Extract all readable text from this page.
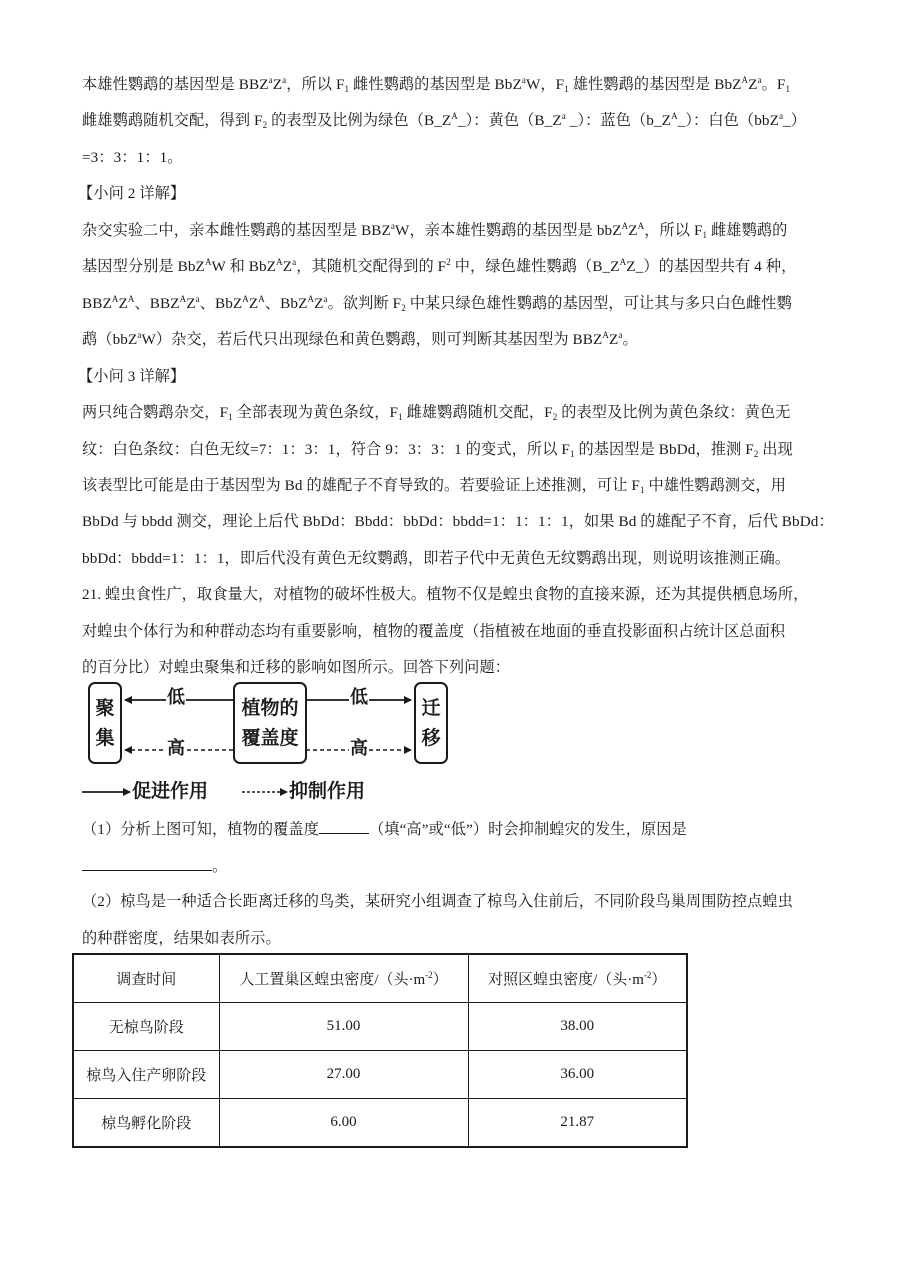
本雄性鹦鹉的基因型是 $BBZ^aZ^a$，所以 $F_1$ 雌性鹦鹉的基因型是 BbZ$^a$W，$F_1$ 雄性鹦鹉的基因型是 $BbZ^AZ^a$。$F_1$
雌雄鹦鹉随机交配，得到 $F_2$ 的表型及比例为绿色$(B\_Z^A\_)$：黄色（$B\_Z^a$ _）：蓝色$(b\_Z^A\_)$：白色（bbZ$^a$_）
=3：3：1：1。
【小问 2 详解】
杂交实验二中，亲本雌性鹦鹉的基因型是 BBZ$^a$W，亲本雄性鹦鹉的基因型是 $bbZ^AZ^A$，所以 $F_1$ 雌雄鹦鹉的
基因型分别是 BbZ$^A$W 和 $BbZ^AZ^a$，其随机交配得到的 $F^2$ 中，绿色雄性鹦鹉$(B\_Z^AZ\_)$的基因型共有 4 种，
$BBZ^AZ^A$、$BBZ^AZ^a$、$BbZ^AZ^A$、$BbZ^AZ^a$。欲判断 $F_2$ 中某只绿色雄性鹦鹉的基因型，可让其与多只白色雌性鹦
鹉（bbZ$^a$W）杂交，若后代只出现绿色和黄色鹦鹉，则可判断其基因型为 $BBZ^AZ^a$。
【小问 3 详解】
两只纯合鹦鹉杂交，$F_1$ 全部表现为黄色条纹，$F_1$ 雌雄鹦鹉随机交配，$F_2$ 的表型及比例为黄色条纹：黄色无
纹：白色条纹：白色无纹=7：1：3：1，符合 9：3：3：1 的变式，所以 $F_1$ 的基因型是 BbDd，推测 $F_2$ 出现
该表型比可能是由于基因型为 Bd 的雄配子不育导致的。若要验证上述推测，可让 $F_1$ 中雄性鹦鹉测交，用
BbDd 与 bbdd 测交，理论上后代 BbDd：Bbdd：bbDd：bbdd=1：1：1：1，如果 Bd 的雄配子不育，后代 BbDd：
bbDd：bbdd=1：1：1，即后代没有黄色无纹鹦鹉，即若子代中无黄色无纹鹦鹉出现，则说明该推测正确。
21. 蝗虫食性广，取食量大，对植物的破坏性极大。植物不仅是蝗虫食物的直接来源，还为其提供栖息场所，
对蝗虫个体行为和种群动态均有重要影响，植物的覆盖度（指植被在地面的垂直投影面积占统计区总面积
的百分比）对蝗虫聚集和迁移的影响如图所示。回答下列问题：
聚
集
植物的
覆盖度
迁
移
低
高
低
高
促进作用	抑制作用
（1）分析上图可知，植物的覆盖度	（填“高”或“低”）时会抑制蝗灾的发生，原因是
。
（2）椋鸟是一种适合长距离迁移的鸟类，某研究小组调查了椋鸟入住前后，不同阶段鸟巢周围防控点蝗虫
的种群密度，结果如表所示。
调查时间	人工置巢区蝗虫密度/（头$\cdot m^{-2}$）	对照区蝗虫密度/（头$\cdot m^{-2}$）
无椋鸟阶段	51.00	38.00
椋鸟入住产卵阶段	27.00	36.00
椋鸟孵化阶段	6.00	21.87
